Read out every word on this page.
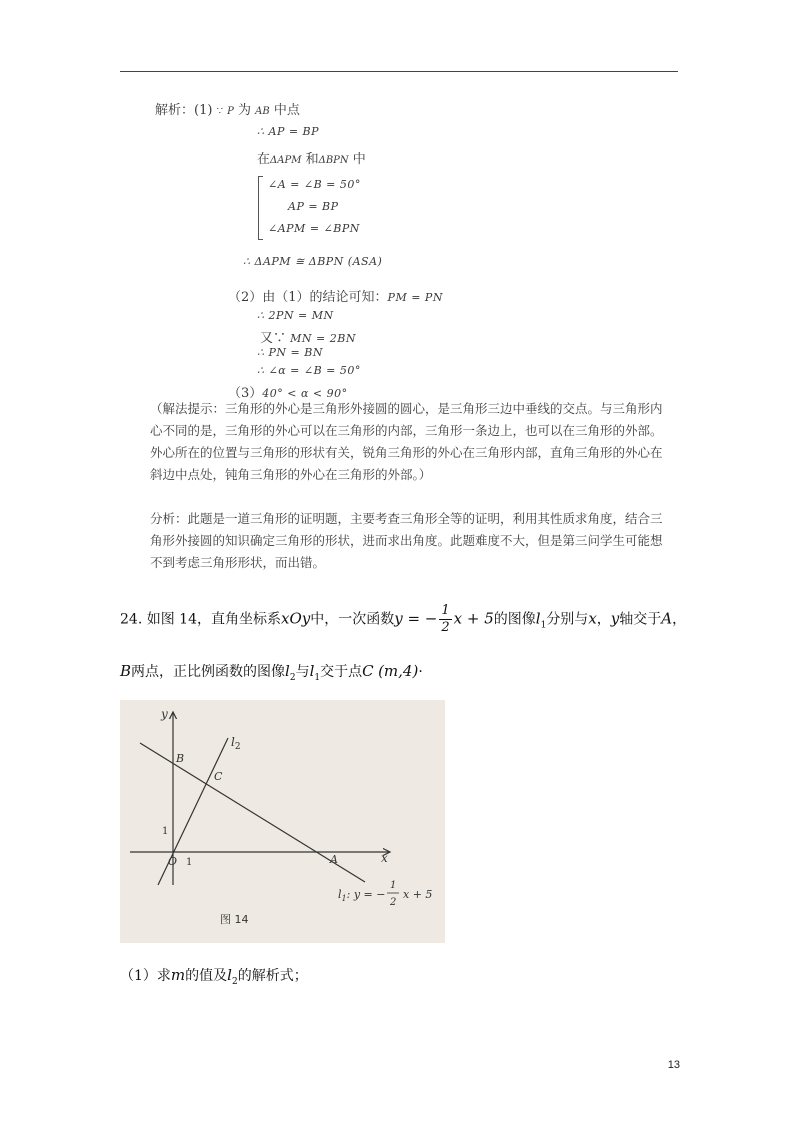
解析：(1) ∵ P 为 AB 中点
∴ AP = BP
在ΔAPM 和ΔBPN 中
∠A = ∠B = 50°
AP = BP
∠APM = ∠BPN
∴ ΔAPM ≅ ΔBPN (ASA)
（2）由（1）的结论可知：PM = PN
∴ 2PN = MN
又∵ MN = 2BN
∴ PN = BN
∴ ∠α = ∠B = 50°
（3）40° < α < 90°
（解法提示：三角形的外心是三角形外接圆的圆心，是三角形三边中垂线的交点。与三角形内心不同的是，三角形的外心可以在三角形的内部，三角形一条边上，也可以在三角形的外部。外心所在的位置与三角形的形状有关，锐角三角形的外心在三角形内部，直角三角形的外心在斜边中点处，钝角三角形的外心在三角形的外部。）
分析：此题是一道三角形的证明题，主要考查三角形全等的证明，利用其性质求角度，结合三角形外接圆的知识确定三角形的形状，进而求出角度。此题难度不大，但是第三问学生可能想不到考虑三角形形状，而出错。
24. 如图 14，直角坐标系xOy中，一次函数y = − $\frac{1}{2}$ x + 5的图像$l_1$分别与x，y轴交于A，
B两点，正比例函数的图像$l_2$与$l_1$交于点C (m,4)·
y
x
O 1
1
B
C
A
$l_2$
$l_1$: y = −
1
2
x + 5
图 14
（1）求m的值及$l_2$的解析式；
13
